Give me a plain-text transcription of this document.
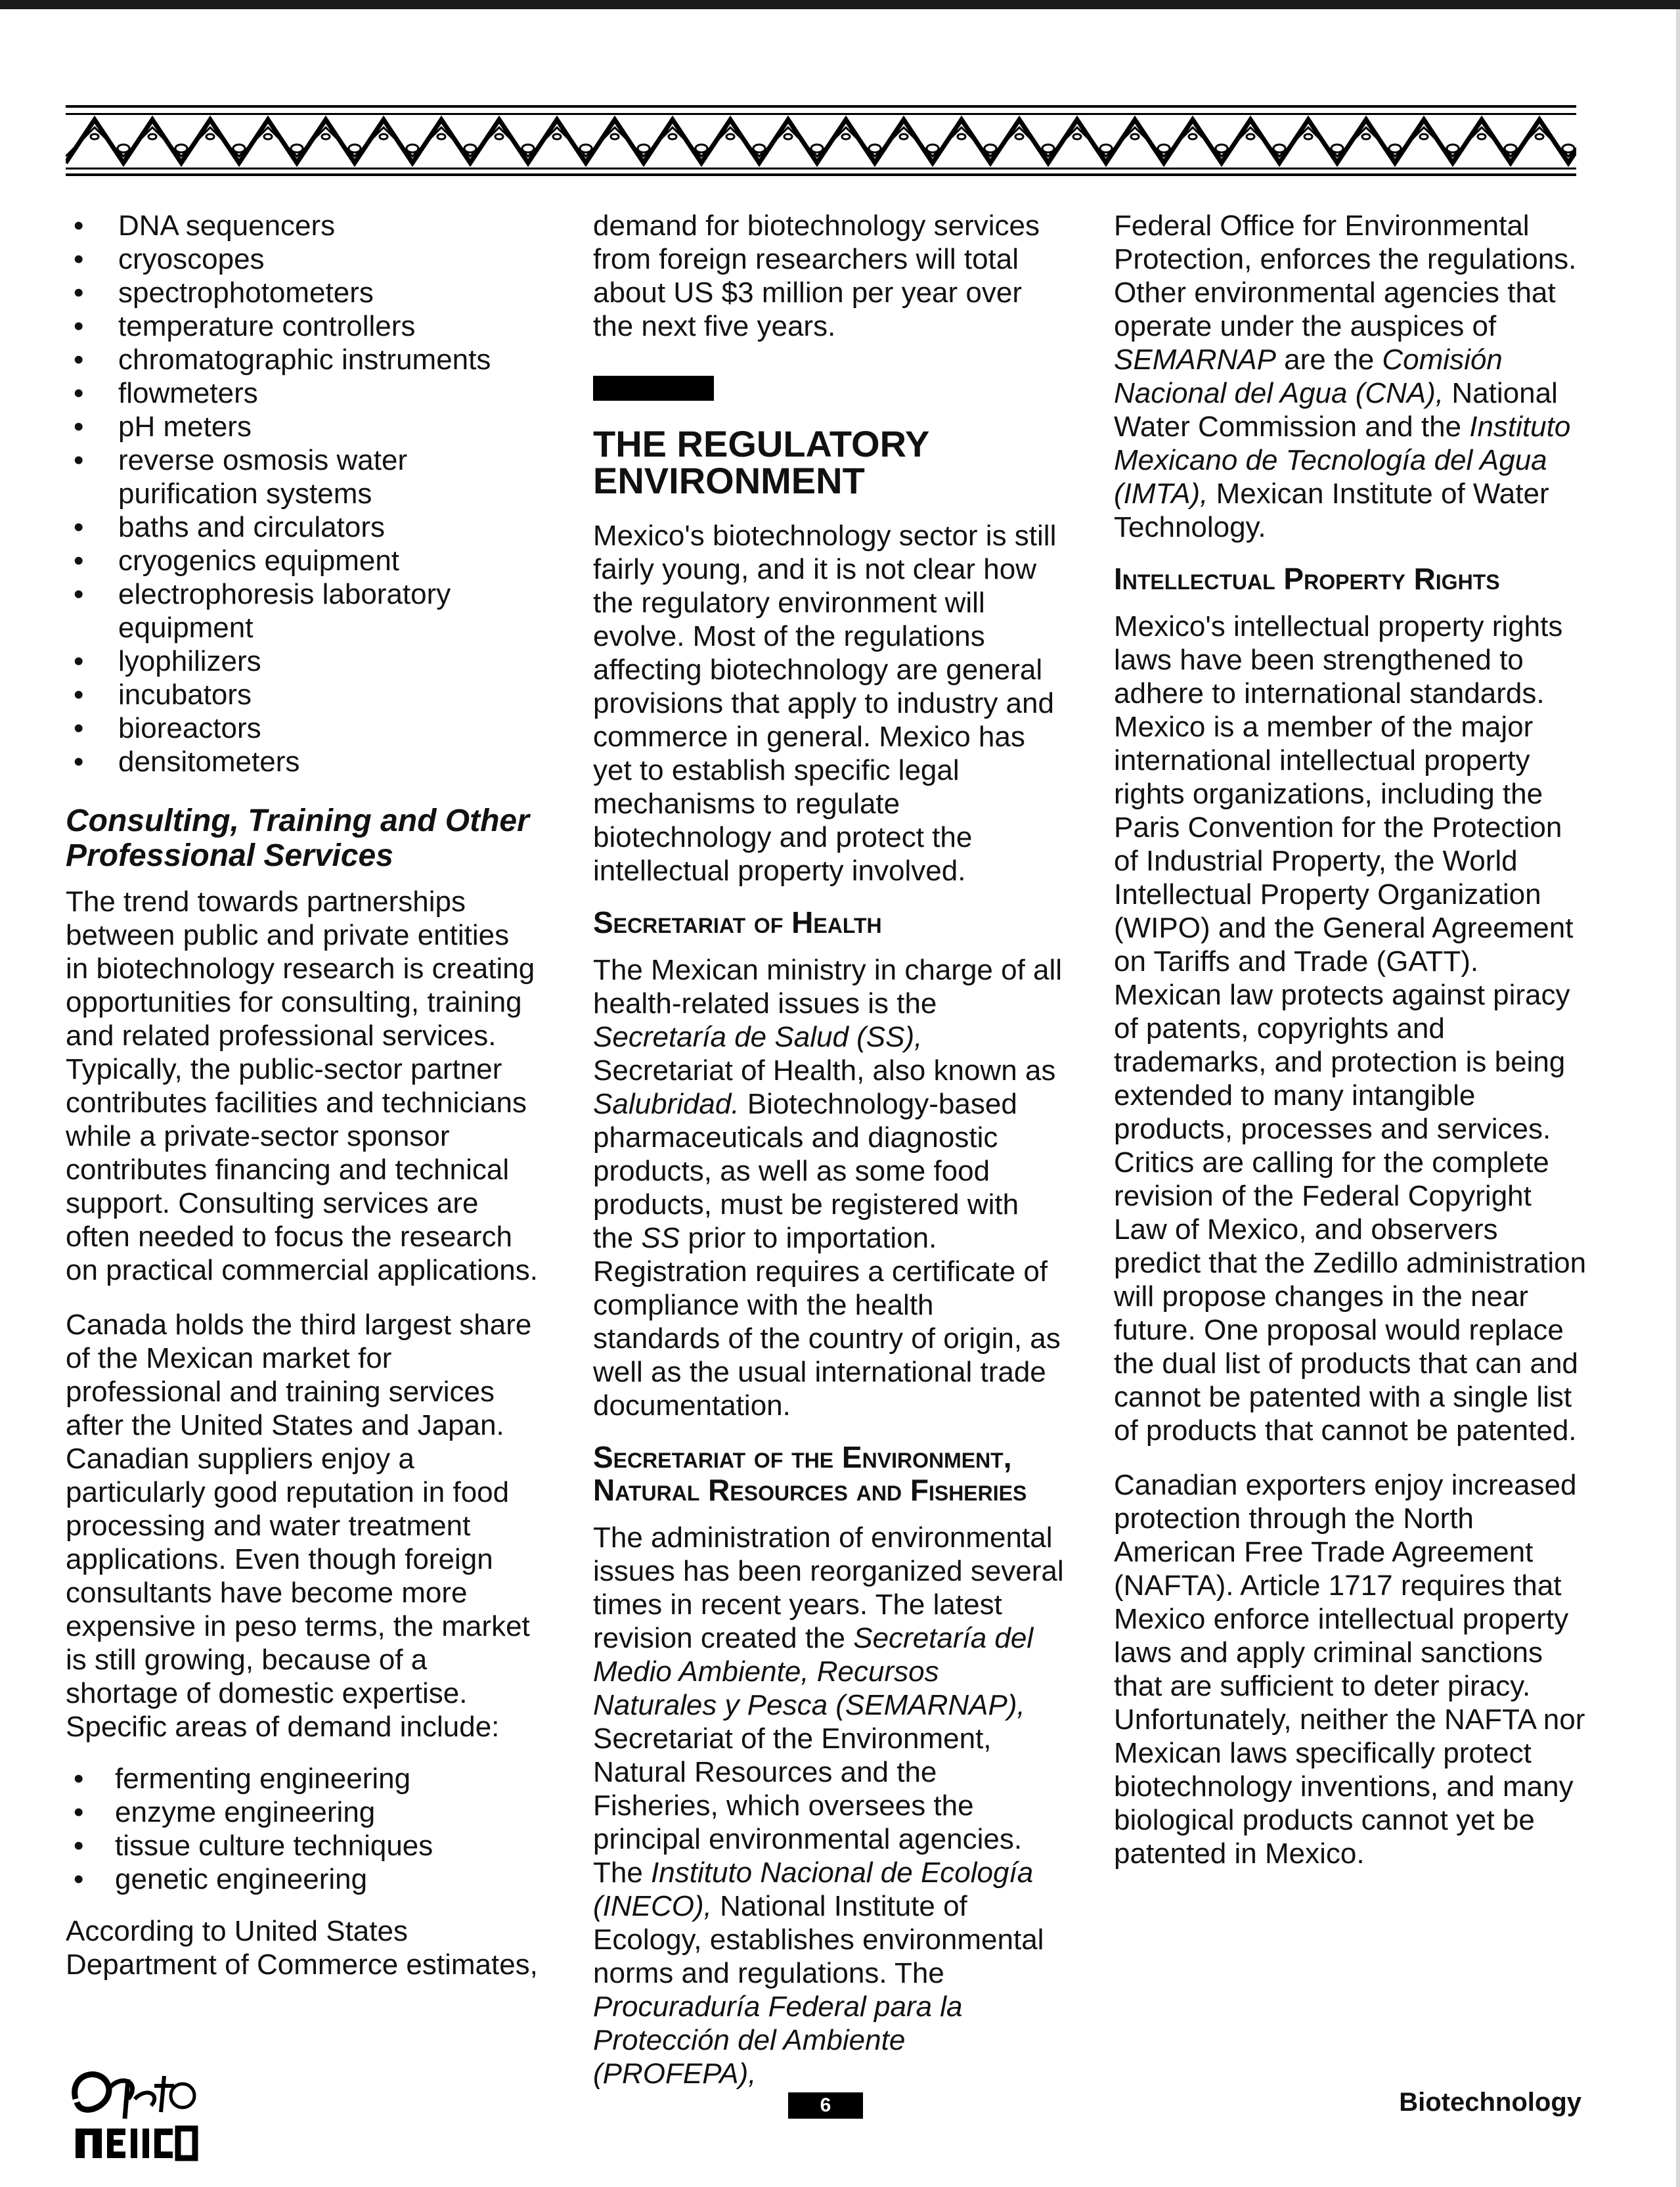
• DNA sequencers
• cryoscopes
• spectrophotometers
• temperature controllers
• chromatographic instruments
• flowmeters
• pH meters
• reverse osmosis water purification systems
• baths and circulators
• cryogenics equipment
• electrophoresis laboratory equipment
• lyophilizers
• incubators
• bioreactors
• densitometers
Consulting, Training and Other Professional Services

The trend towards partnerships between public and private entities in biotechnology research is creating opportunities for consulting, training and related professional services. Typically, the public-sector partner contributes facilities and technicians while a private-sector sponsor contributes financing and technical support. Consulting services are often needed to focus the research on practical commercial applications.

Canada holds the third largest share of the Mexican market for professional and training services after the United States and Japan. Canadian suppliers enjoy a particularly good reputation in food processing and water treatment applications. Even though foreign consultants have become more expensive in peso terms, the market is still growing, because of a shortage of domestic expertise. Specific areas of demand include:

• fermenting engineering
• enzyme engineering
• tissue culture techniques
• genetic engineering

According to United States Department of Commerce estimates,

demand for biotechnology services from foreign researchers will total about US $3 million per year over the next five years.

THE REGULATORY ENVIRONMENT

Mexico's biotechnology sector is still fairly young, and it is not clear how the regulatory environment will evolve. Most of the regulations affecting biotechnology are general provisions that apply to industry and commerce in general. Mexico has yet to establish specific legal mechanisms to regulate biotechnology and protect the intellectual property involved.

Secretariat of Health

The Mexican ministry in charge of all health-related issues is the Secretaría de Salud (SS), Secretariat of Health, also known as Salubridad. Biotechnology-based pharmaceuticals and diagnostic products, as well as some food products, must be registered with the SS prior to importation. Registration requires a certificate of compliance with the health standards of the country of origin, as well as the usual international trade documentation.

Secretariat of the Environment, Natural Resources and Fisheries

The administration of environmental issues has been reorganized several times in recent years. The latest revision created the Secretaría del Medio Ambiente, Recursos Naturales y Pesca (SEMARNAP), Secretariat of the Environment, Natural Resources and the Fisheries, which oversees the principal environmental agencies. The Instituto Nacional de Ecología (INECO), National Institute of Ecology, establishes environmental norms and regulations. The Procuraduría Federal para la Protección del Ambiente (PROFEPA),

Federal Office for Environmental Protection, enforces the regulations. Other environmental agencies that operate under the auspices of SEMARNAP are the Comisión Nacional del Agua (CNA), National Water Commission and the Instituto Mexicano de Tecnología del Agua (IMTA), Mexican Institute of Water Technology.

Intellectual Property Rights

Mexico's intellectual property rights laws have been strengthened to adhere to international standards. Mexico is a member of the major international intellectual property rights organizations, including the Paris Convention for the Protection of Industrial Property, the World Intellectual Property Organization (WIPO) and the General Agreement on Tariffs and Trade (GATT). Mexican law protects against piracy of patents, copyrights and trademarks, and protection is being extended to many intangible products, processes and services. Critics are calling for the complete revision of the Federal Copyright Law of Mexico, and observers predict that the Zedillo administration will propose changes in the near future. One proposal would replace the dual list of products that can and cannot be patented with a single list of products that cannot be patented.

Canadian exporters enjoy increased protection through the North American Free Trade Agreement (NAFTA). Article 1717 requires that Mexico enforce intellectual property laws and apply criminal sanctions that are sufficient to deter piracy. Unfortunately, neither the NAFTA nor Mexican laws specifically protect biotechnology inventions, and many biological products cannot yet be patented in Mexico.

6	Biotechnology
